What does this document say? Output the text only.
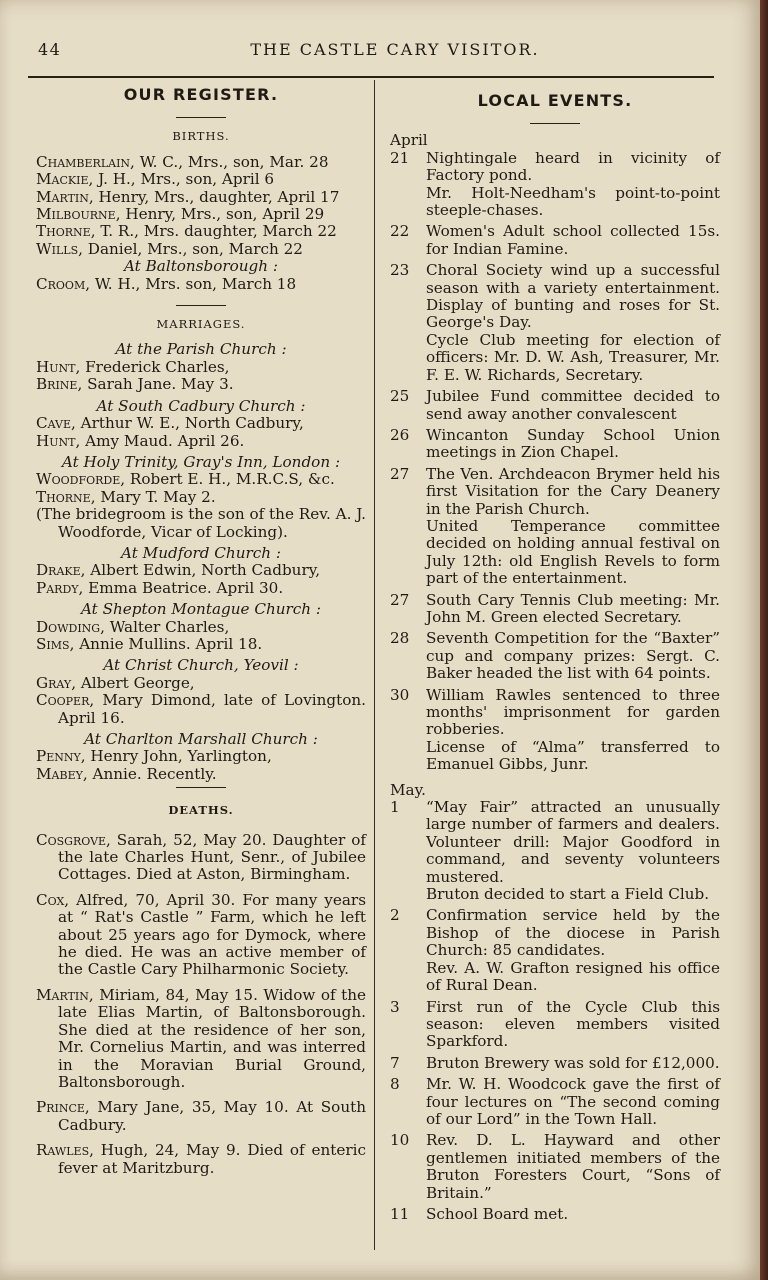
44	THE CASTLE CARY VISITOR.
OUR REGISTER.
BIRTHS.
Chamberlain, W. C., Mrs., son, Mar. 28
Mackie, J. H., Mrs., son, April 6
Martin, Henry, Mrs., daughter, April 17
Milbourne, Henry, Mrs., son, April 29
Thorne, T. R., Mrs. daughter, March 22
Wills, Daniel, Mrs., son, March 22
At Baltonsborough :
Croom, W. H., Mrs. son, March 18
MARRIAGES.
At the Parish Church :
Hunt, Frederick Charles,
Brine, Sarah Jane. May 3.
At South Cadbury Church :
Cave, Arthur W. E., North Cadbury,
Hunt, Amy Maud. April 26.
At Holy Trinity, Gray's Inn, London :
Woodforde, Robert E. H., M.R.C.S, &c.
Thorne, Mary T. May 2.
(The bridegroom is the son of the Rev. A. J. Woodforde, Vicar of Locking).
At Mudford Church :
Drake, Albert Edwin, North Cadbury,
Pardy, Emma Beatrice. April 30.
At Shepton Montague Church :
Dowding, Walter Charles,
Sims, Annie Mullins. April 18.
At Christ Church, Yeovil :
Gray, Albert George,
Cooper, Mary Dimond, late of Lovington. April 16.
At Charlton Marshall Church :
Penny, Henry John, Yarlington,
Mabey, Annie. Recently.
DEATHS.
Cosgrove, Sarah, 52, May 20. Daughter of the late Charles Hunt, Senr., of Jubilee Cottages. Died at Aston, Birmingham.
Cox, Alfred, 70, April 30. For many years at “ Rat's Castle ” Farm, which he left about 25 years ago for Dymock, where he died. He was an active member of the Castle Cary Philharmonic Society.
Martin, Miriam, 84, May 15. Widow of the late Elias Martin, of Baltonsborough. She died at the residence of her son, Mr. Cornelius Martin, and was interred in the Moravian Burial Ground, Baltonsborough.
Prince, Mary Jane, 35, May 10. At South Cadbury.
Rawles, Hugh, 24, May 9. Died of enteric fever at Maritzburg.
LOCAL EVENTS.
April
21	Nightingale heard in vicinity of Factory pond.
Mr. Holt-Needham's point-to-point steeple-chases.
22	Women's Adult school collected 15s. for Indian Famine.
23	Choral Society wind up a successful season with a variety entertainment. Display of bunting and roses for St. George's Day.
Cycle Club meeting for election of officers: Mr. D. W. Ash, Treasurer, Mr. F. E. W. Richards, Secretary.
25	Jubilee Fund committee decided to send away another convalescent
26	Wincanton Sunday School Union meetings in Zion Chapel.
27	The Ven. Archdeacon Brymer held his first Visitation for the Cary Deanery in the Parish Church.
United Temperance committee decided on holding annual festival on July 12th: old English Revels to form part of the entertainment.
27	South Cary Tennis Club meeting: Mr. John M. Green elected Secretary.
28	Seventh Competition for the “Baxter” cup and company prizes: Sergt. C. Baker headed the list with 64 points.
30	William Rawles sentenced to three months' imprisonment for garden robberies.
License of “Alma” transferred to Emanuel Gibbs, Junr.
May.
1	“May Fair” attracted an unusually large number of farmers and dealers. Volunteer drill: Major Goodford in command, and seventy volunteers mustered.
Bruton decided to start a Field Club.
2	Confirmation service held by the Bishop of the diocese in Parish Church: 85 candidates.
Rev. A. W. Grafton resigned his office of Rural Dean.
3	First run of the Cycle Club this season: eleven members visited Sparkford.
7	Bruton Brewery was sold for £12,000.
8	Mr. W. H. Woodcock gave the first of four lectures on “The second coming of our Lord” in the Town Hall.
10	Rev. D. L. Hayward and other gentlemen initiated members of the Bruton Foresters Court, “Sons of Britain.”
11	School Board met.
